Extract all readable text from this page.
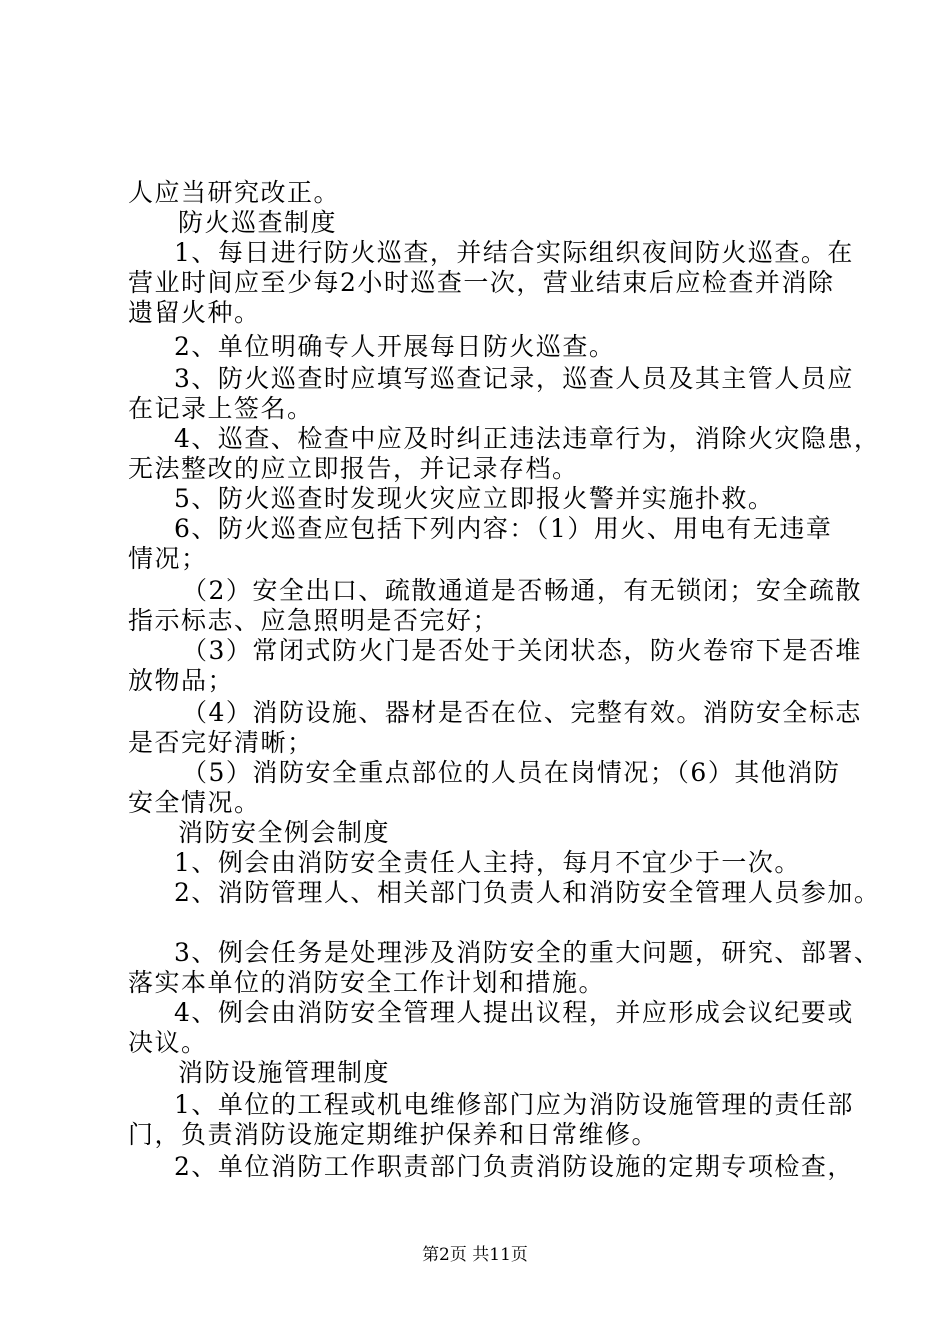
人应当研究改正。
防火巡查制度
1、每日进行防火巡查，并结合实际组织夜间防火巡查。在
营业时间应至少每2小时巡查一次，营业结束后应检查并消除
遗留火种。
2、单位明确专人开展每日防火巡查。
3、防火巡查时应填写巡查记录，巡查人员及其主管人员应
在记录上签名。
4、巡查、检查中应及时纠正违法违章行为，消除火灾隐患，
无法整改的应立即报告，并记录存档。
5、防火巡查时发现火灾应立即报火警并实施扑救。
6、防火巡查应包括下列内容：（1）用火、用电有无违章
情况；
（2）安全出口、疏散通道是否畅通，有无锁闭；安全疏散
指示标志、应急照明是否完好；
（3）常闭式防火门是否处于关闭状态，防火卷帘下是否堆
放物品；
（4）消防设施、器材是否在位、完整有效。消防安全标志
是否完好清晰；
（5）消防安全重点部位的人员在岗情况；（6）其他消防
安全情况。
消防安全例会制度
1、例会由消防安全责任人主持，每月不宜少于一次。
2、消防管理人、相关部门负责人和消防安全管理人员参加。
3、例会任务是处理涉及消防安全的重大问题，研究、部署、
落实本单位的消防安全工作计划和措施。
4、例会由消防安全管理人提出议程，并应形成会议纪要或
决议。
消防设施管理制度
1、单位的工程或机电维修部门应为消防设施管理的责任部
门，负责消防设施定期维护保养和日常维修。
2、单位消防工作职责部门负责消防设施的定期专项检查，
第2页 共11页
